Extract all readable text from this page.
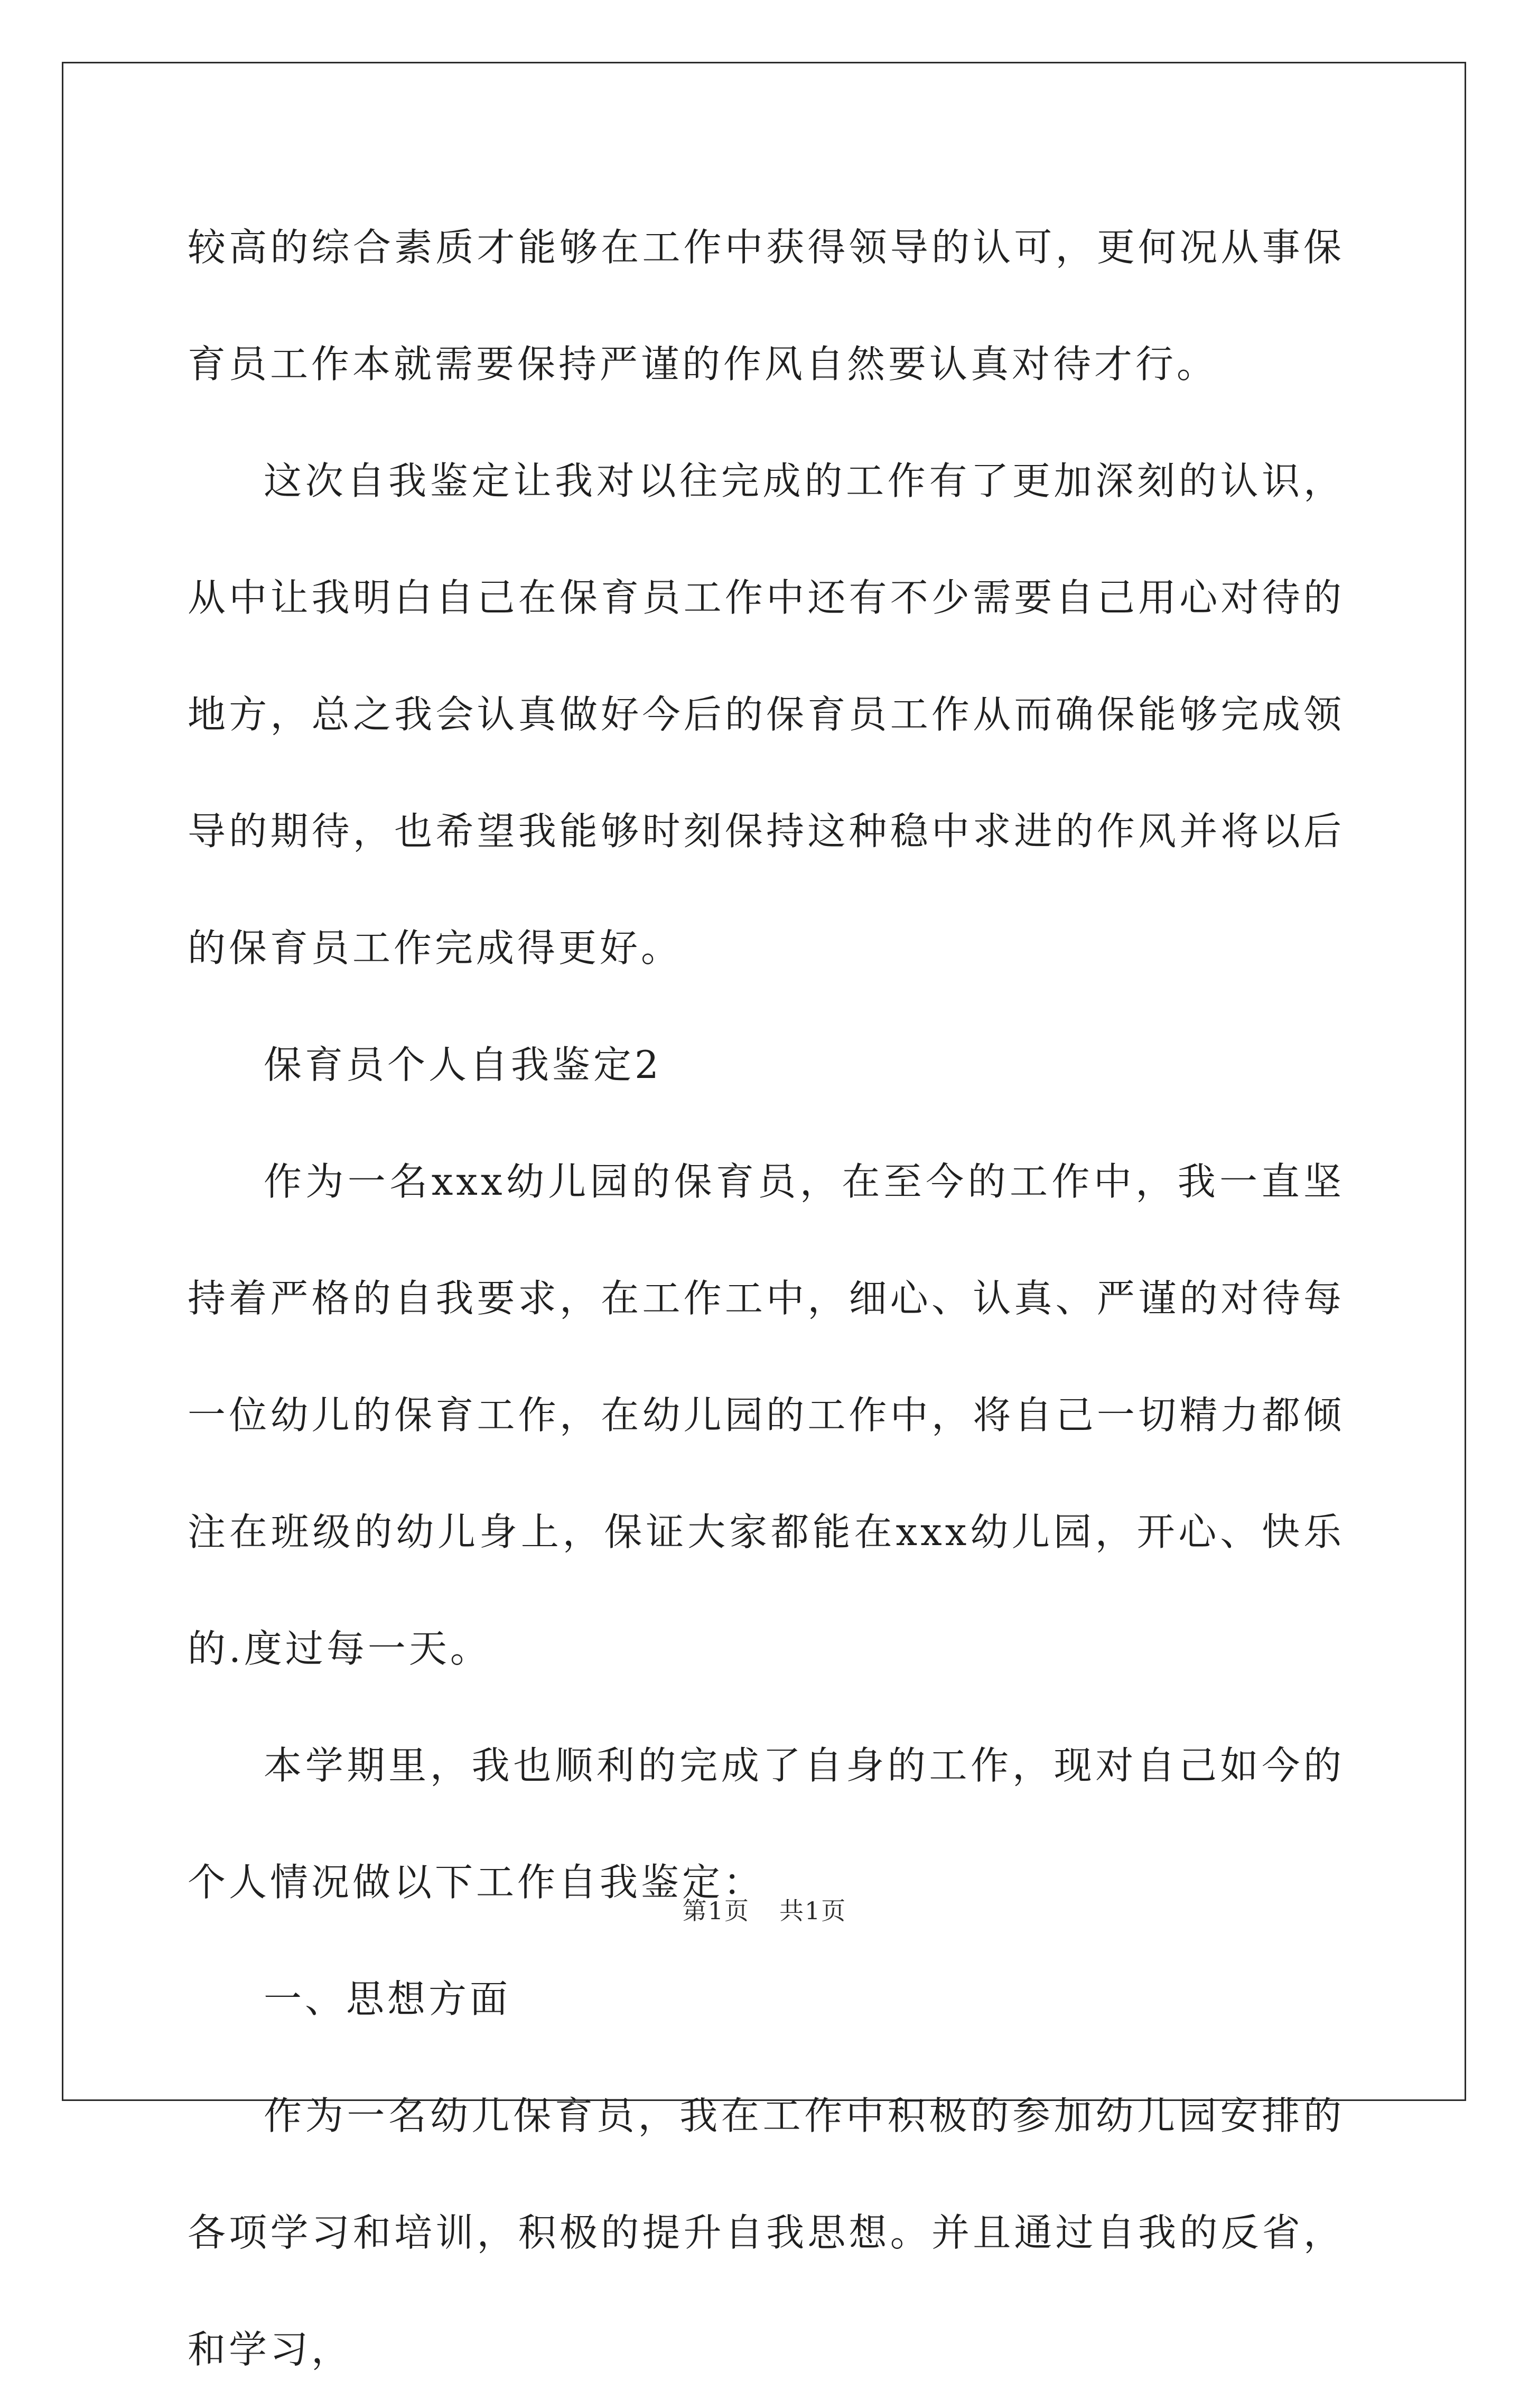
较高的综合素质才能够在工作中获得领导的认可，更何况从事保育员工作本就需要保持严谨的作风自然要认真对待才行。

这次自我鉴定让我对以往完成的工作有了更加深刻的认识，从中让我明白自己在保育员工作中还有不少需要自己用心对待的地方，总之我会认真做好今后的保育员工作从而确保能够完成领导的期待，也希望我能够时刻保持这种稳中求进的作风并将以后的保育员工作完成得更好。

保育员个人自我鉴定2

作为一名xxx幼儿园的保育员，在至今的工作中，我一直坚持着严格的自我要求，在工作工中，细心、认真、严谨的对待每一位幼儿的保育工作，在幼儿园的工作中，将自己一切精力都倾注在班级的幼儿身上，保证大家都能在xxx幼儿园，开心、快乐的.度过每一天。

本学期里，我也顺利的完成了自身的工作，现对自己如今的个人情况做以下工作自我鉴定：

一、思想方面

作为一名幼儿保育员，我在工作中积极的参加幼儿园安排的各项学习和培训，积极的提升自我思想。并且通过自我的反省，和学习，

第1页 共1页
